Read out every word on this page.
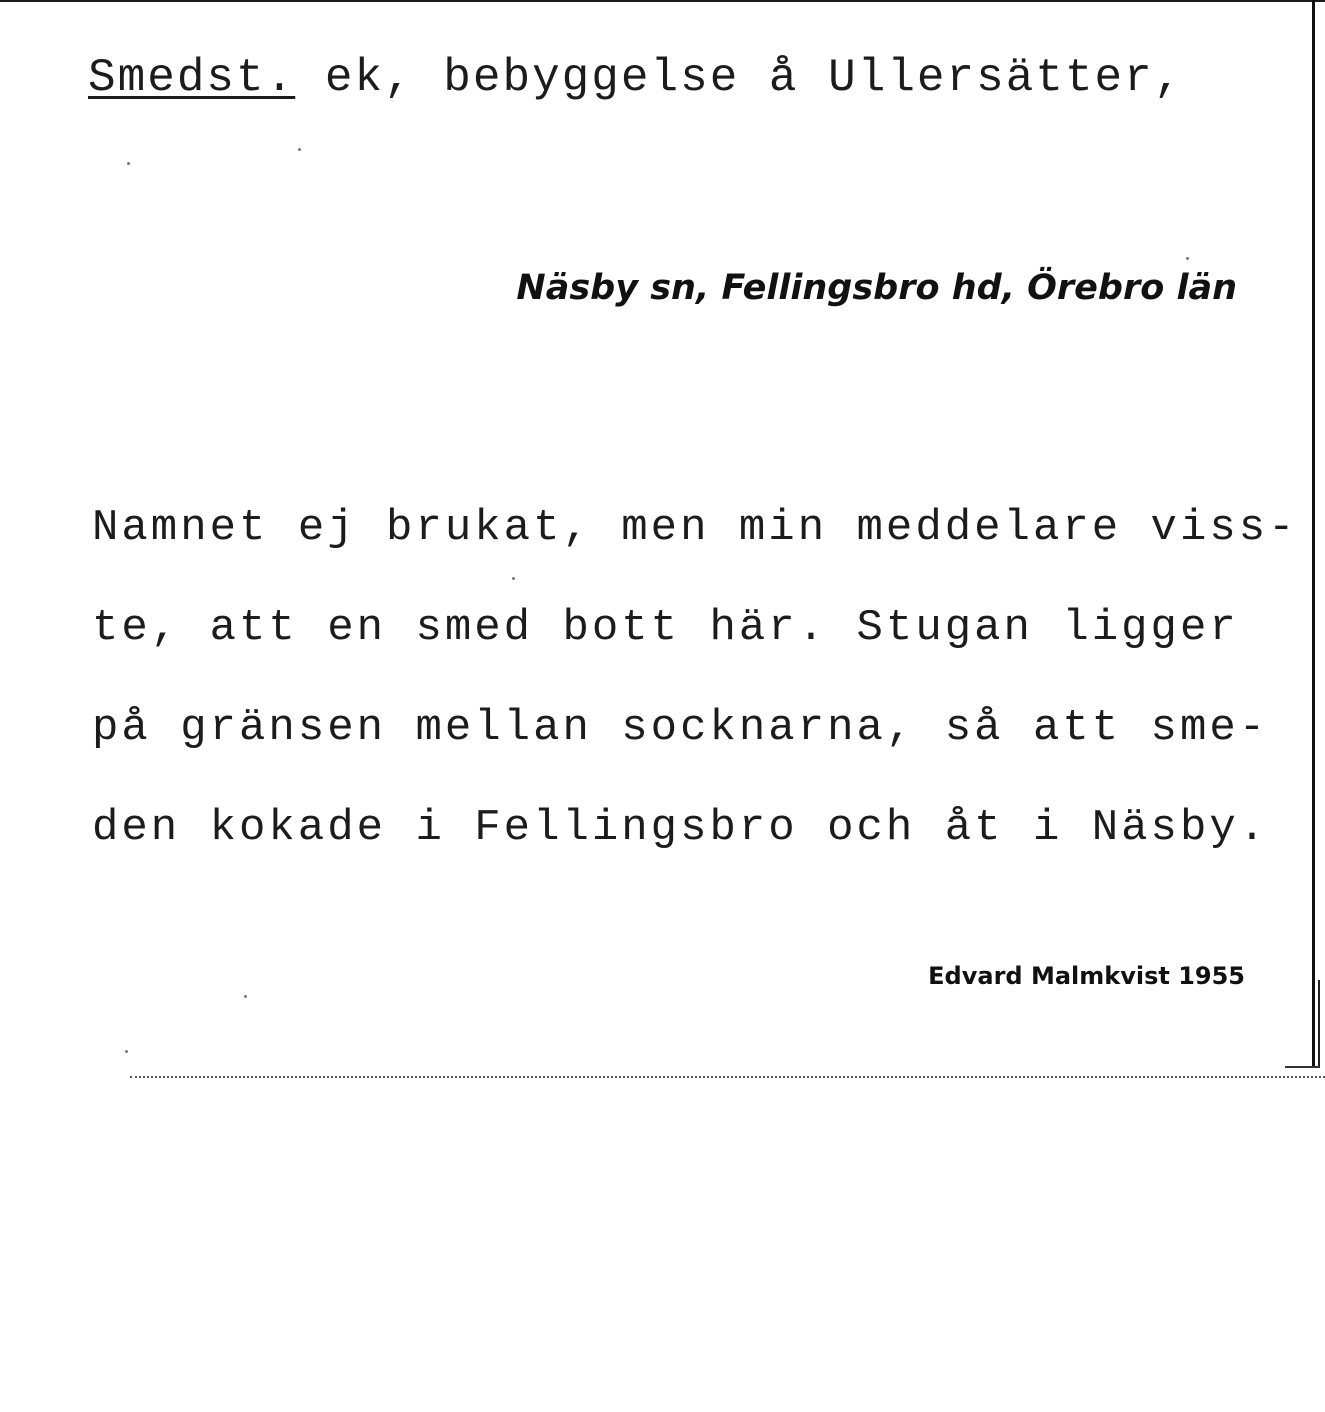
Smedst. ek, bebyggelse å Ullersätter,
Näsby sn, Fellingsbro hd, Örebro län
Namnet ej brukat, men min meddelare viss-
te, att en smed bott här. Stugan ligger
på gränsen mellan socknarna, så att sme-
den kokade i Fellingsbro och åt i Näsby.
Edvard Malmkvist 1955
